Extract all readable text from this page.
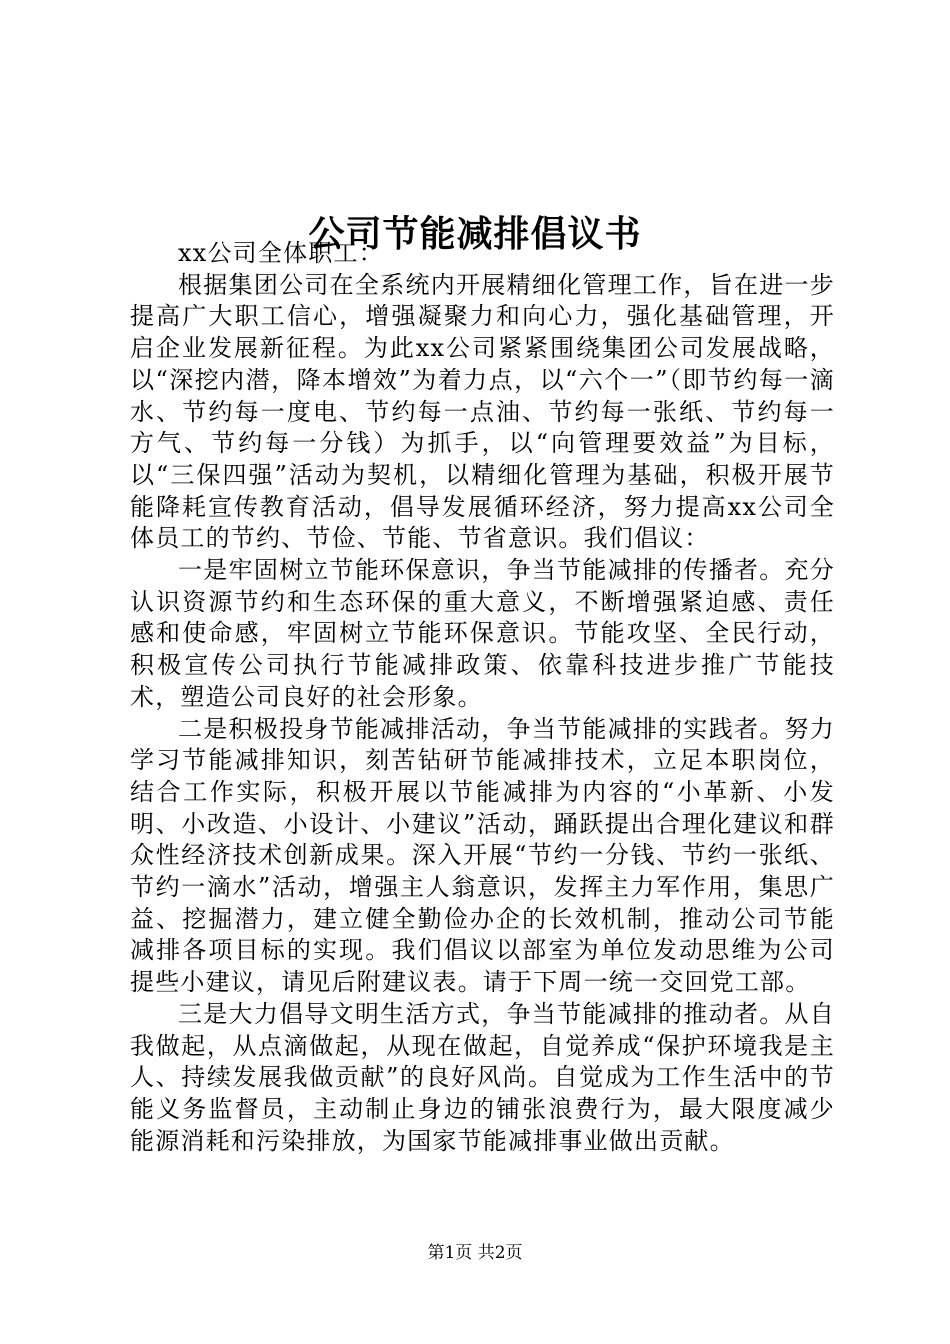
公司节能减排倡议书

xx公司全体职工：

根据集团公司在全系统内开展精细化管理工作，旨在进一步提高广大职工信心，增强凝聚力和向心力，强化基础管理，开启企业发展新征程。为此xx公司紧紧围绕集团公司发展战略，以“深挖内潜，降本增效”为着力点，以“六个一”（即节约每一滴水、节约每一度电、节约每一点油、节约每一张纸、节约每一方气、节约每一分钱）为抓手，以“向管理要效益”为目标，以“三保四强”活动为契机，以精细化管理为基础，积极开展节能降耗宣传教育活动，倡导发展循环经济，努力提高xx公司全体员工的节约、节俭、节能、节省意识。我们倡议：

一是牢固树立节能环保意识，争当节能减排的传播者。充分认识资源节约和生态环保的重大意义，不断增强紧迫感、责任感和使命感，牢固树立节能环保意识。节能攻坚、全民行动，积极宣传公司执行节能减排政策、依靠科技进步推广节能技术，塑造公司良好的社会形象。

二是积极投身节能减排活动，争当节能减排的实践者。努力学习节能减排知识，刻苦钻研节能减排技术，立足本职岗位，结合工作实际，积极开展以节能减排为内容的“小革新、小发明、小改造、小设计、小建议”活动，踊跃提出合理化建议和群众性经济技术创新成果。深入开展“节约一分钱、节约一张纸、节约一滴水”活动，增强主人翁意识，发挥主力军作用，集思广益、挖掘潜力，建立健全勤俭办企的长效机制，推动公司节能减排各项目标的实现。我们倡议以部室为单位发动思维为公司提些小建议，请见后附建议表。请于下周一统一交回党工部。

三是大力倡导文明生活方式，争当节能减排的推动者。从自我做起，从点滴做起，从现在做起，自觉养成“保护环境我是主人、持续发展我做贡献”的良好风尚。自觉成为工作生活中的节能义务监督员，主动制止身边的铺张浪费行为，最大限度减少能源消耗和污染排放，为国家节能减排事业做出贡献。

第1页 共2页
